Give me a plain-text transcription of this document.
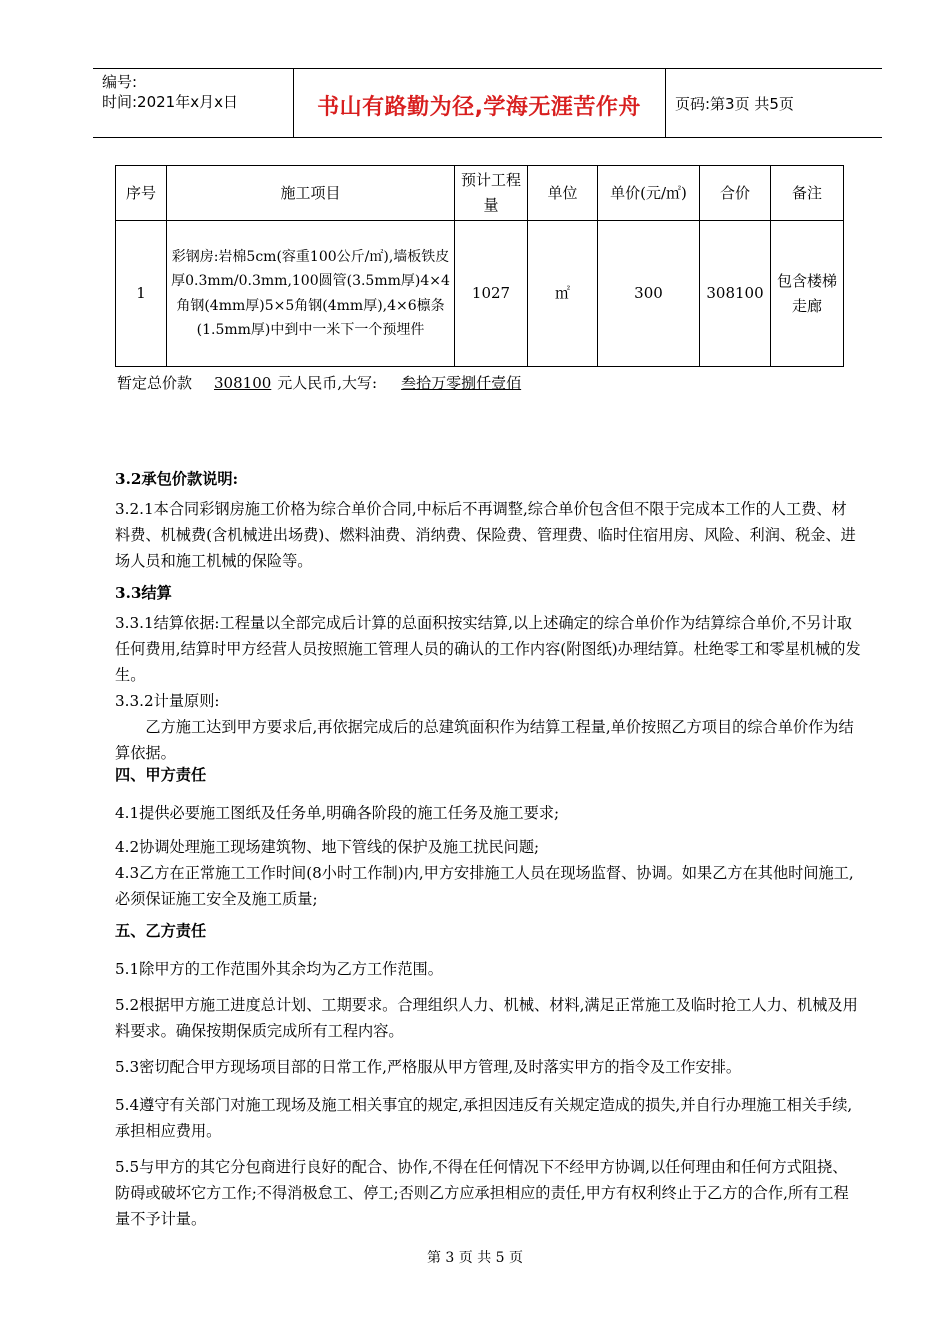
编号:
时间:2021年x月x日	书山有路勤为径,学海无涯苦作舟	页码:第3页 共5页
序号	施工项目	预计工程量	单位	单价(元/㎡)	合价	备注
1	彩钢房:岩棉5cm(容重100公斤/㎡),墙板铁皮厚0.3mm/0.3mm,100圆管(3.5mm厚)4×4角钢(4mm厚)5×5角钢(4mm厚),4×6檩条(1.5mm厚)中到中一米下一个预埋件	1027	㎡	300	308100	包含楼梯走廊
暂定总价款 308100 元人民币,大写: 叁拾万零捌仟壹佰

3.2承包价款说明:

3.2.1本合同彩钢房施工价格为综合单价合同,中标后不再调整,综合单价包含但不限于完成本工作的人工费、材料费、机械费(含机械进出场费)、燃料油费、消纳费、保险费、管理费、临时住宿用房、风险、利润、税金、进场人员和施工机械的保险等。

3.3结算

3.3.1结算依据:工程量以全部完成后计算的总面积按实结算,以上述确定的综合单价作为结算综合单价,不另计取任何费用,结算时甲方经营人员按照施工管理人员的确认的工作内容(附图纸)办理结算。杜绝零工和零星机械的发生。

3.3.2计量原则:

乙方施工达到甲方要求后,再依据完成后的总建筑面积作为结算工程量,单价按照乙方项目的综合单价作为结算依据。

四、甲方责任

4.1提供必要施工图纸及任务单,明确各阶段的施工任务及施工要求;

4.2协调处理施工现场建筑物、地下管线的保护及施工扰民问题;

4.3乙方在正常施工工作时间(8小时工作制)内,甲方安排施工人员在现场监督、协调。如果乙方在其他时间施工,必须保证施工安全及施工质量;

五、乙方责任

5.1除甲方的工作范围外其余均为乙方工作范围。

5.2根据甲方施工进度总计划、工期要求。合理组织人力、机械、材料,满足正常施工及临时抢工人力、机械及用料要求。确保按期保质完成所有工程内容。

5.3密切配合甲方现场项目部的日常工作,严格服从甲方管理,及时落实甲方的指令及工作安排。

5.4遵守有关部门对施工现场及施工相关事宜的规定,承担因违反有关规定造成的损失,并自行办理施工相关手续,承担相应费用。

5.5与甲方的其它分包商进行良好的配合、协作,不得在任何情况下不经甲方协调,以任何理由和任何方式阻挠、防碍或破坏它方工作;不得消极怠工、停工;否则乙方应承担相应的责任,甲方有权利终止于乙方的合作,所有工程量不予计量。

第 3 页 共 5 页
